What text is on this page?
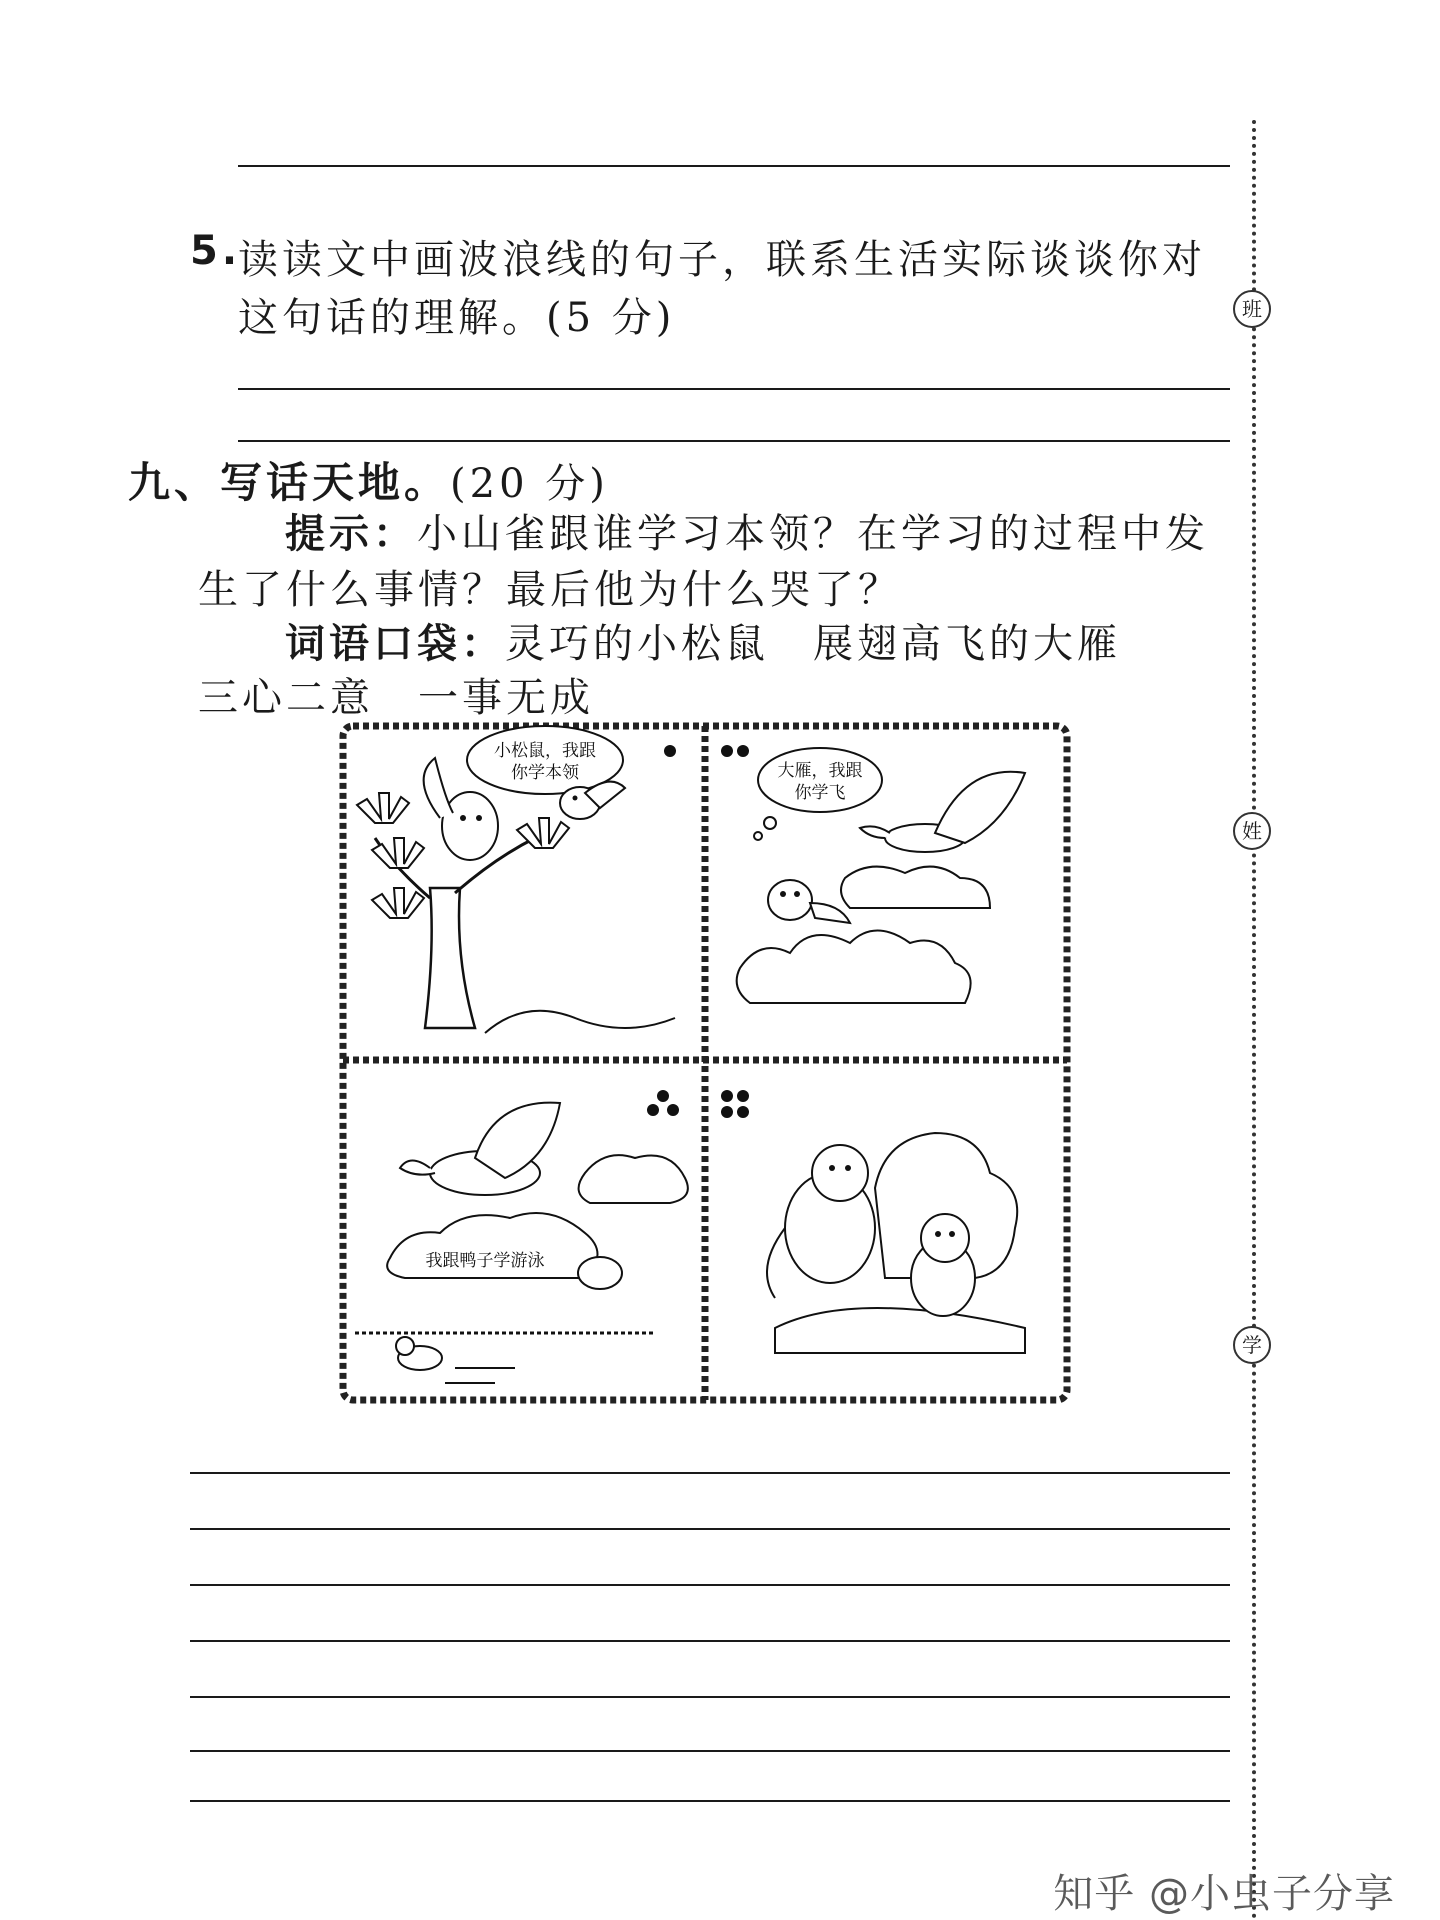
5.
读读文中画波浪线的句子，联系生活实际谈谈你对
这句话的理解。(5 分)
九、写话天地。(20 分)
提示：小山雀跟谁学习本领？在学习的过程中发
生了什么事情？最后他为什么哭了？
词语口袋：灵巧的小松鼠　展翅高飞的大雁
三心二意　一事无成
小松鼠，我跟
你学本领	大雁，我跟
你学飞
我跟鸭子学游泳
班
姓
学
知乎 @小虫子分享
